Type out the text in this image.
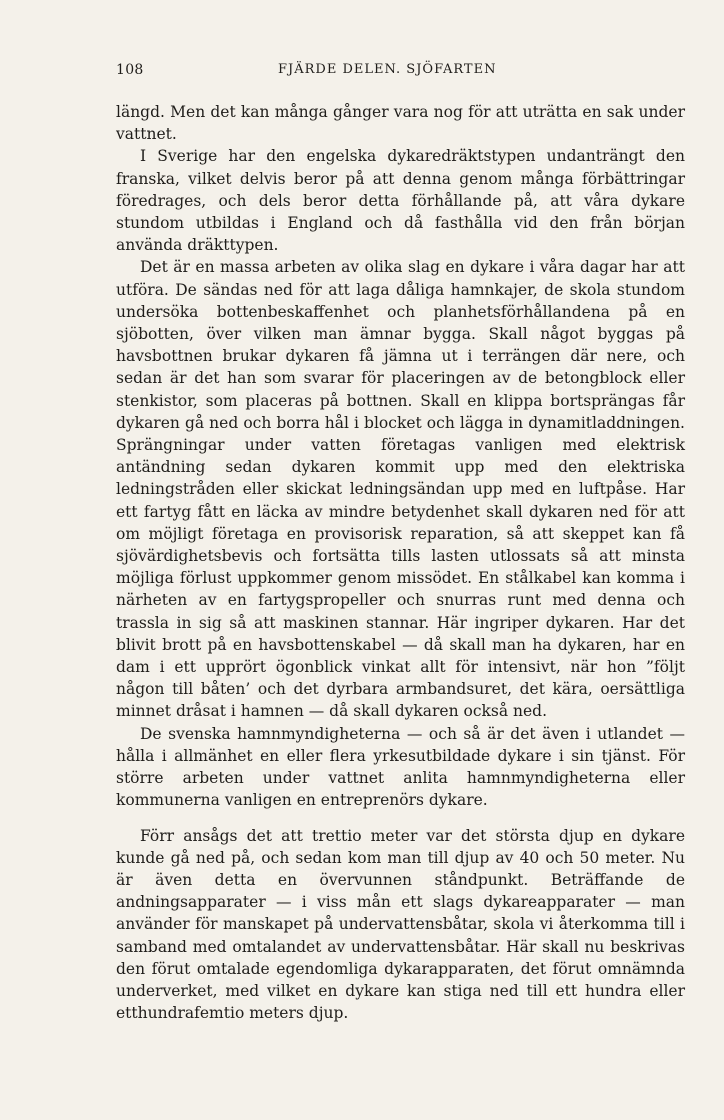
108	FJÄRDE DELEN. SJÖFARTEN

längd. Men det kan många gånger vara nog för att uträtta en sak under vattnet.

I Sverige har den engelska dykaredräktstypen undanträngt den franska, vilket delvis beror på att denna genom många förbättringar föredrages, och dels beror detta förhållande på, att våra dykare stundom utbildas i England och då fasthålla vid den från början använda dräkttypen.

Det är en massa arbeten av olika slag en dykare i våra dagar har att utföra. De sändas ned för att laga dåliga hamnkajer, de skola stundom undersöka bottenbeskaffenhet och planhetsförhållandena på en sjöbotten, över vilken man ämnar bygga. Skall något byggas på havsbottnen brukar dykaren få jämna ut i terrängen där nere, och sedan är det han som svarar för placeringen av de betongblock eller stenkistor, som placeras på bottnen. Skall en klippa bortsprängas får dykaren gå ned och borra hål i blocket och lägga in dynamitladdningen. Sprängningar under vatten företagas vanligen med elektrisk antändning sedan dykaren kommit upp med den elektriska ledningstråden eller skickat ledningsändan upp med en luftpåse. Har ett fartyg fått en läcka av mindre betydenhet skall dykaren ned för att om möjligt företaga en provisorisk reparation, så att skeppet kan få sjövärdighetsbevis och fortsätta tills lasten utlossats så att minsta möjliga förlust uppkommer genom missödet. En stålkabel kan komma i närheten av en fartygspropeller och snurras runt med denna och trassla in sig så att maskinen stannar. Här ingriper dykaren. Har det blivit brott på en havsbottenskabel — då skall man ha dykaren, har en dam i ett upprört ögonblick vinkat allt för intensivt, när hon ”följt någon till båten’ och det dyrbara armbandsuret, det kära, oersättliga minnet dråsat i hamnen — då skall dykaren också ned.

De svenska hamnmyndigheterna — och så är det även i utlandet — hålla i allmänhet en eller flera yrkesutbildade dykare i sin tjänst. För större arbeten under vattnet anlita hamnmyndigheterna eller kommunerna vanligen en entreprenörs dykare.

Förr ansågs det att trettio meter var det största djup en dykare kunde gå ned på, och sedan kom man till djup av 40 och 50 meter. Nu är även detta en övervunnen ståndpunkt. Beträffande de andningsapparater — i viss mån ett slags dykareapparater — man använder för manskapet på undervattensbåtar, skola vi återkomma till i samband med omtalandet av undervattensbåtar. Här skall nu beskrivas den förut omtalade egendomliga dykarapparaten, det förut omnämnda underverket, med vilket en dykare kan stiga ned till ett hundra eller etthundrafemtio meters djup.
